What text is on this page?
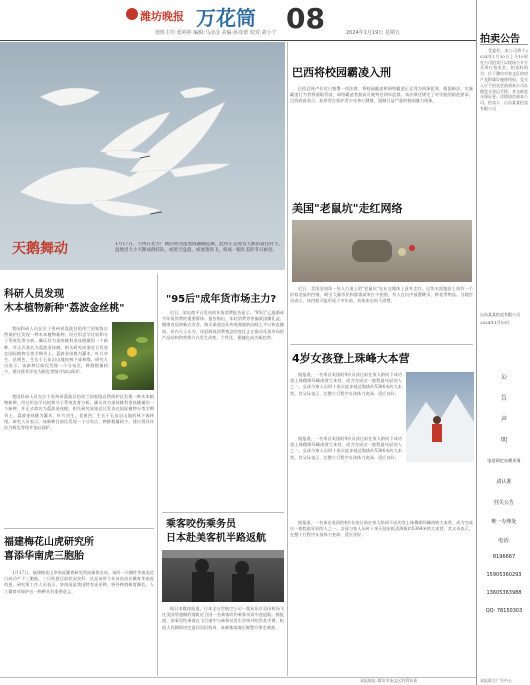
潍坊晚报 万花筒
值班主任:张婷婷 编辑:马彦彦 美编:孙彦蕾 校对:刘小宁 08	2024年1月19日 星期五
天鹅舞动	1月17日，大鸨在北方广阔的黄河湿地间翩翩起舞。此时正是观赏天鹅的最佳时节，湿地里大小天鹅成群结队，或低空盘旋，或展翅高飞，构成一幅壮美的冬日画卷。
科研人员发现
木本植物新种"荔波金丝桃"
我国科研人员在位于贵州省荔波县的茂兰国家级自然保护区发现一种木本植物新种，经过形态学比较和分子系统发育分析，确认其为金丝桃科金丝桃属的一个新种，并正式命名为荔波金丝桃。相关研究成果近日发表在国际植物分类学期刊上。荔波金丝桃为灌木，叶片对生，花黄色，生长于石灰岩山地的林下或林缘。研究人员表示，该新种目前仅发现一个分布点，种群数量较少，建议将其评估为极危等级并加以保护。
我国科研人员在位于贵州省荔波县的茂兰国家级自然保护区发现一种木本植物新种，经过形态学比较和分子系统发育分析，确认其为金丝桃科金丝桃属的一个新种，并正式命名为荔波金丝桃。相关研究成果近日发表在国际植物分类学期刊上。荔波金丝桃为灌木，叶片对生，花黄色，生长于石灰岩山地的林下或林缘。研究人员表示，该新种目前仅发现一个分布点，种群数量较少，建议将其评估为极危等级并加以保护。
福建梅花山虎研究所
喜添华南虎三胞胎
1月17日，福建梅花山华南虎繁育研究所向媒体宣布，该所一只雌性华南虎近日成功产下三胞胎，三只幼崽目前状况良好。这是该所今年首次成功繁育华南虎幼崽。研究所工作人员表示，华南虎是我国特有虎亚种，野外种群极度濒危，人工繁育对保护这一物种具有重要意义。
"95后"成年货市场主力?
近日，某电商平台发布的年货消费报告显示，"95后"已逐渐成为年货消费的重要群体。报告指出，年轻消费者更偏爱国潮礼盒、健康食品和新式零食，购买渠道也从传统商超转向线上平台和直播间。业内人士认为，年轻群体消费观念的变化正在推动年货市场的产品结构和营销方式发生改变，个性化、便捷化成为新趋势。
乘客咬伤乘务员
日本赴美客机半路返航
据日本媒体报道，日本全日空航空公司一架从东京羽田机场飞往美国华盛顿的客机近日因一名乘客咬伤乘务员而中途返航。据报道，涉事男性乘客在飞行途中与乘务员发生争执并咬伤其手臂，机组人员随即决定返回羽田机场，该乘客落地后被警方带走调查。
巴西将校园霸凌入刑
巴西总统卢拉近日签署一项法律，将校园霸凌和网络霸凌正式列为刑事犯罪。根据新法，实施霸凌行为者将面临罚款，网络霸凌者最高可被判处四年监禁。该法律还规定了对学校的防范要求。巴西政府表示，此举旨在保护青少年身心健康，遏制日益严重的校园暴力现象。
美国"老鼠坑"走红网络
近日，美国芝加哥一处人行道上的"老鼠坑"在社交媒体上意外走红。这块水泥地面上留有一个形似老鼠的凹痕，吸引大量市民和游客前来打卡拍照，有人在坑中放置硬币、鲜花等物品。当地官员表示，该凹痕可能形成于多年前，具体来历尚不清楚。
4岁女孩登上珠峰大本营
据报道，一名来自英国的4岁女孩日前在家人陪同下成功登上珠穆朗玛峰南坡大本营，成为完成这一旅程最年轻的人之一。女孩与家人历时十余天徒步抵达海拔约5364米的大本营。其父母表示，在整个行程中女孩体力充沛、适应良好。
据报道，一名来自英国的4岁女孩日前在家人陪同下成功登上珠穆朗玛峰南坡大本营，成为完成这一旅程最年轻的人之一。女孩与家人历时十余天徒步抵达海拔约5364米的大本营。其父母表示，在整个行程中女孩体力充沛、适应良好。
据报道，一名来自英国的4岁女孩日前在家人陪同下成功登上珠穆朗玛峰南坡大本营，成为完成这一旅程最年轻的人之一。女孩与家人历时十余天徒步抵达海拔约5364米的大本营。其父母表示，在整个行程中女孩体力充沛、适应良好。
拍卖公告
受委托，本公司将于2024年1月30日上午10时在公司拍卖厅以现场公开方式举行拍卖会，拍卖标的为：位于潍坊市奎文区的房产及附属设施使用权。竞买人应于拍卖会前到本公司办理竞买登记手续，并交纳竞买保证金。详情请咨询本公司。拍卖人：山东某某拍卖有限公司
山东某某拍卖有限公司
2024年1月19日
公
告
声
明
电话预定办理业务
请认准
挂失公告
唯一办理处
电话:
8196667
15905360293
13605363988
QQ: 78150303
本报地址:潍坊市奎文区胜利东街	本报联合广告中心
